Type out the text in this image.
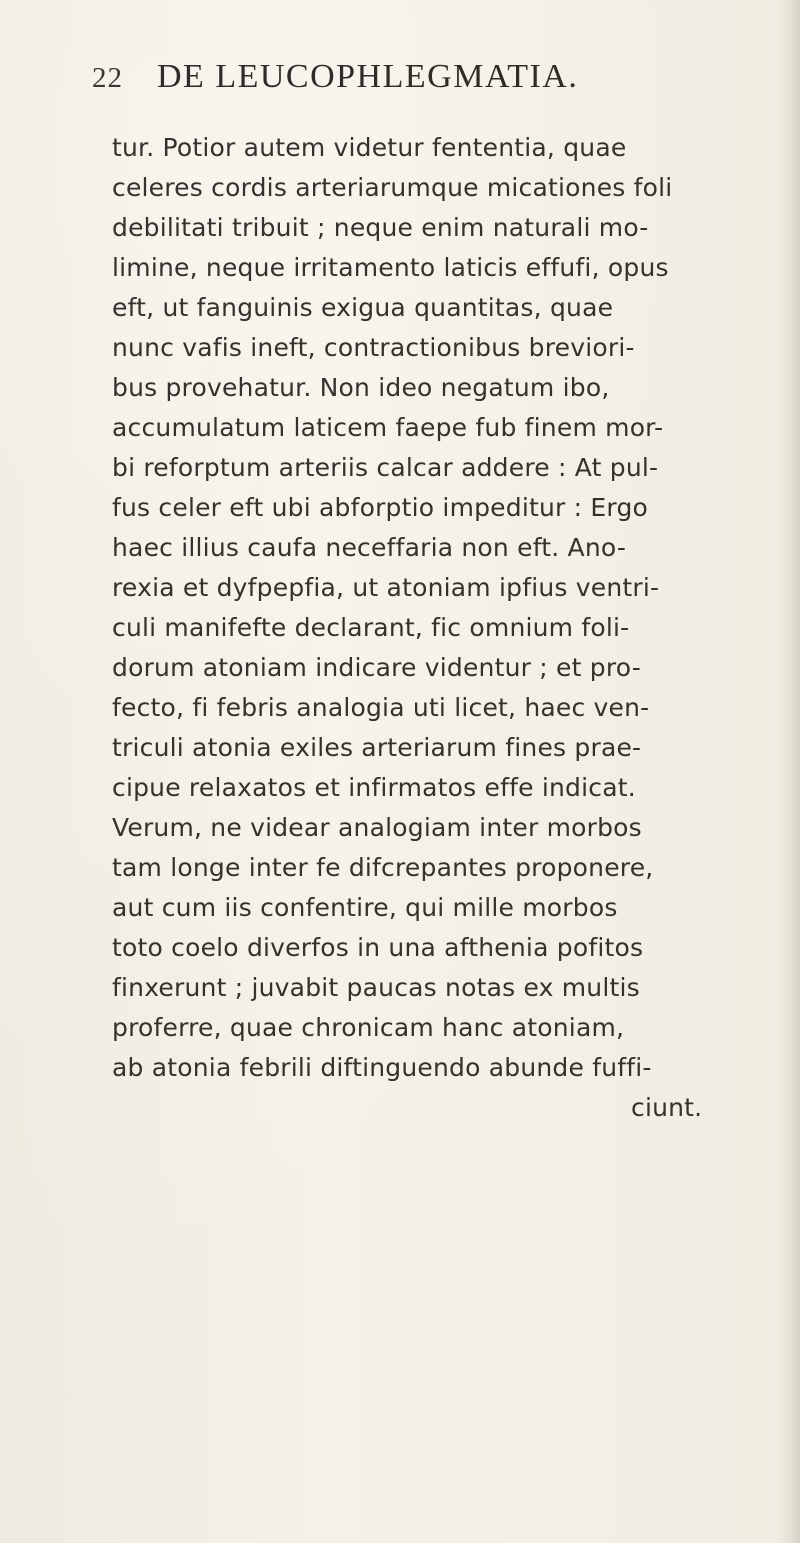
22 DE LEUCOPHLEGMATIA.
tur. Potior autem videtur fententia, quae
celeres cordis arteriarumque micationes foli
debilitati tribuit ; neque enim naturali mo-
limine, neque irritamento laticis effufi, opus
eft, ut fanguinis exigua quantitas, quae
nunc vafis ineft, contractionibus breviori-
bus provehatur. Non ideo negatum ibo,
accumulatum laticem faepe fub finem mor-
bi reforptum arteriis calcar addere : At pul-
fus celer eft ubi abforptio impeditur : Ergo
haec illius caufa neceffaria non eft. Ano-
rexia et dyfpepfia, ut atoniam ipfius ventri-
culi manifefte declarant, fic omnium foli-
dorum atoniam indicare videntur ; et pro-
fecto, fi febris analogia uti licet, haec ven-
triculi atonia exiles arteriarum fines prae-
cipue relaxatos et infirmatos effe indicat.
Verum, ne videar analogiam inter morbos
tam longe inter fe difcrepantes proponere,
aut cum iis confentire, qui mille morbos
toto coelo diverfos in una afthenia pofitos
finxerunt ; juvabit paucas notas ex multis
proferre, quae chronicam hanc atoniam,
ab atonia febrili diftinguendo abunde fuffi-
ciunt.
